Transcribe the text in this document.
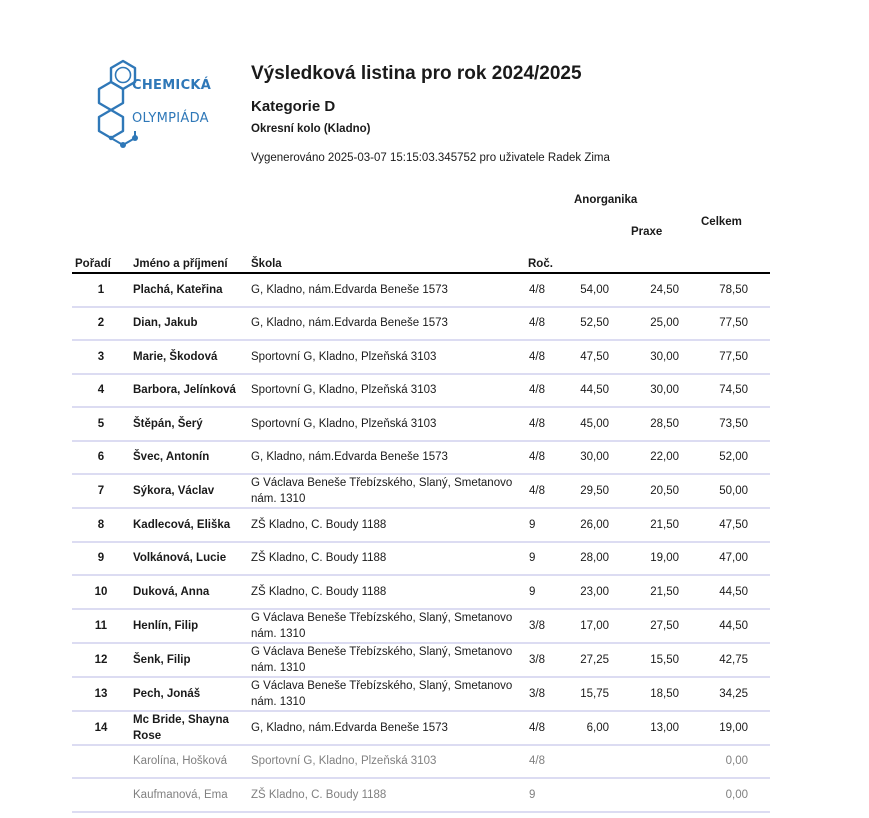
CHEMICKÁ
OLYMPIÁDA
Výsledková listina pro rok 2024/2025
Kategorie D
Okresní kolo (Kladno)
Vygenerováno 2025-03-07 15:15:03.345752 pro uživatele Radek Zima
Pořadí	Jméno a příjmení	Škola	Roč.	Anorganika	Praxe	Celkem

1	Plachá, Kateřina	G, Kladno, nám.Edvarda Beneše 1573	4/8	54,00	24,50	78,50
2	Dian, Jakub	G, Kladno, nám.Edvarda Beneše 1573	4/8	52,50	25,00	77,50
3	Marie, Škodová	Sportovní G, Kladno, Plzeňská 3103	4/8	47,50	30,00	77,50
4	Barbora, Jelínková	Sportovní G, Kladno, Plzeňská 3103	4/8	44,50	30,00	74,50
5	Štěpán, Šerý	Sportovní G, Kladno, Plzeňská 3103	4/8	45,00	28,50	73,50
6	Švec, Antonín	G, Kladno, nám.Edvarda Beneše 1573	4/8	30,00	22,00	52,00
7	Sýkora, Václav	G Václava Beneše Třebízského, Slaný, Smetanovo nám. 1310	4/8	29,50	20,50	50,00
8	Kadlecová, Eliška	ZŠ Kladno, C. Boudy 1188	9	26,00	21,50	47,50
9	Volkánová, Lucie	ZŠ Kladno, C. Boudy 1188	9	28,00	19,00	47,00
10	Duková, Anna	ZŠ Kladno, C. Boudy 1188	9	23,00	21,50	44,50
11	Henlín, Filip	G Václava Beneše Třebízského, Slaný, Smetanovo nám. 1310	3/8	17,00	27,50	44,50
12	Šenk, Filip	G Václava Beneše Třebízského, Slaný, Smetanovo nám. 1310	3/8	27,25	15,50	42,75
13	Pech, Jonáš	G Václava Beneše Třebízského, Slaný, Smetanovo nám. 1310	3/8	15,75	18,50	34,25
14	Mc Bride, Shayna Rose	G, Kladno, nám.Edvarda Beneše 1573	4/8	6,00	13,00	19,00
	Karolína, Hošková	Sportovní G, Kladno, Plzeňská 3103	4/8			0,00
	Kaufmanová, Ema	ZŠ Kladno, C. Boudy 1188	9			0,00
